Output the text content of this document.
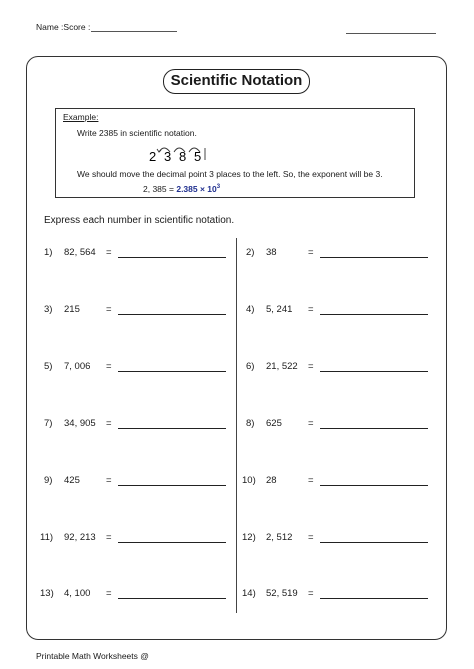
Name :Score :
Scientific Notation
Example:
Write 2385 in scientific notation.
2 3 8 5
We should move the decimal point 3 places to the left. So, the exponent will be 3.
2, $385 = 2.385 \times 10^3$
Express each number in scientific notation.
1) 82, 564 =
3) 215	=
5) 7, 006 =
7) 34, 905 =
9) 425	=
11) 92, 213 =
13) 4, 100 =
2) 38	=
4) 5, 241 =
6) 21, 522 =
8) 625	=
10) 28	=
12) 2, 512 =
14) 52, 519 =
Printable Math Worksheets @
